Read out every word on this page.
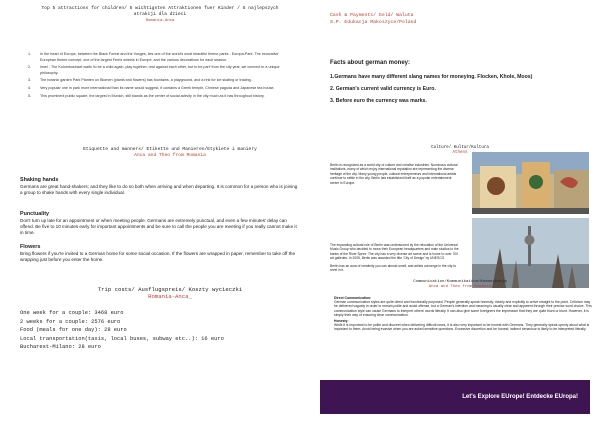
Top 5 attractions for children/ 5 wichtigsten Attraktionen fuer Kinder / 5 najlepszych atrakcji dla dzieci
Romania-Anca
1.	In the heart of Europe, between the Black Forest and the Vosges, lies one of the world's most beautiful theme parks - Europa-Park. The innovative European theme concept, one of the largest Ferris wheels in Europe, and the various decorations for each season.
2.	Insel - The Kolumbusinsel waits 'to be a child again, play together, rest against each other, but to be part' from the city year, we connect to a unique philosophy.
3.	The botanic garden Park Planten un Blomen (plants and flowers) has fountains, a playground, and a rink for ice skating or trading.
4.	Very popular one in park more international than its name would suggest, it contains a Greek temple, Chinese pagoda and Japanese tea house.
5.	This prominent public square, the largest in Munich, still stands as the center of social activity in the city much as it has throughout history.
Etiquette and manners/ Etikette und Manieren/Etykiete i maniery
Anca and Theo from Romania
Shaking hands

Germans are great hand-shakers; and they like to do so both when arriving and when departing. It is common for a person who is joining a group to shake hands with every single individual.

Punctuality

Don't turn up late for an appointment or when meeting people. Germans are extremely punctual, and even a few minutes' delay can offend. Be five to 10 minutes early for important appointments and be sure to call the people you are meeting if you really cannot make it in time.

Flowers

Bring flowers if you're invited to a German home for some social occasion. If the flowers are wrapped in paper, remember to take off the wrapping just before you enter the home.

Trip costs/ Ausflugspreis/ Koszty wycieczki
Romania-Anca_
One week for a couple: 3468 euro
2 weeks for a couple: 2576 euro
Food (meals for one day): 28 euro
Local transportation(taxis, local buses, subway etc..): 16 euro
Bucharest-Milano: 28 euro
Cash & Payments/ Geld/ Waluta
S.P. Edukacja Makoszyce/Poland
Facts about german money:
1.Germans have many different slang names for moneying. Flocken, Khole, Moos)
2. German's current valid currency is Euro.
3. Before euro the currency was marks.
Culture/ Kultur/Kultura
Athens
Berlin is recognized as a world city of culture and creative industries. Numerous cultural institutions, many of which enjoy international reputation are representing the diverse heritage of the city. Many young people, cultural entrepreneurs and international artists continue to settle in the city. Berlin has established itself as a popular entertainment center in Europe.
The expanding cultural role of Berlin was underscored by the relocation of the Universal Music Group who decided to move their European headquarters and main studios to the banks of the River Spree. The city has a very diverse art scene and is home to over 700 art galleries. In 2005, Berlin was awarded the title 'City of Design' by UNESCO.
Berlin has an aura of creativity you can almost smell, and artists converge in the city to revel in it.
Communication/Kommunikation/Komunikacja
Anca and Theo from Romania
Direct Communication:

German communication styles are quite direct and functionally purposed. People generally speak honestly, clearly and explicitly to arrive straight to the point. Criticism may be delivered vaguely in order to remain polite and avoid offense, but a German's intention and meaning is usually clear and apparent through their precise word choice. This communication style can cause Germans to interpret others' words literally. It can also give some foreigners the impression that they are quite blunt or blunt. However, it is simply their way of ensuring clear communication.

Honesty:

While it is important to be polite and discreet when delivering difficult news, it is also very important to be honest with Germans. They generally speak openly about what is important to them. Avoid being evasive when you are asked sensitive questions. Excessive discretion and be honest; indirect behaviour is likely to be interpreted literally.

Let's Explore EUrope! Entdecke EUropa!
